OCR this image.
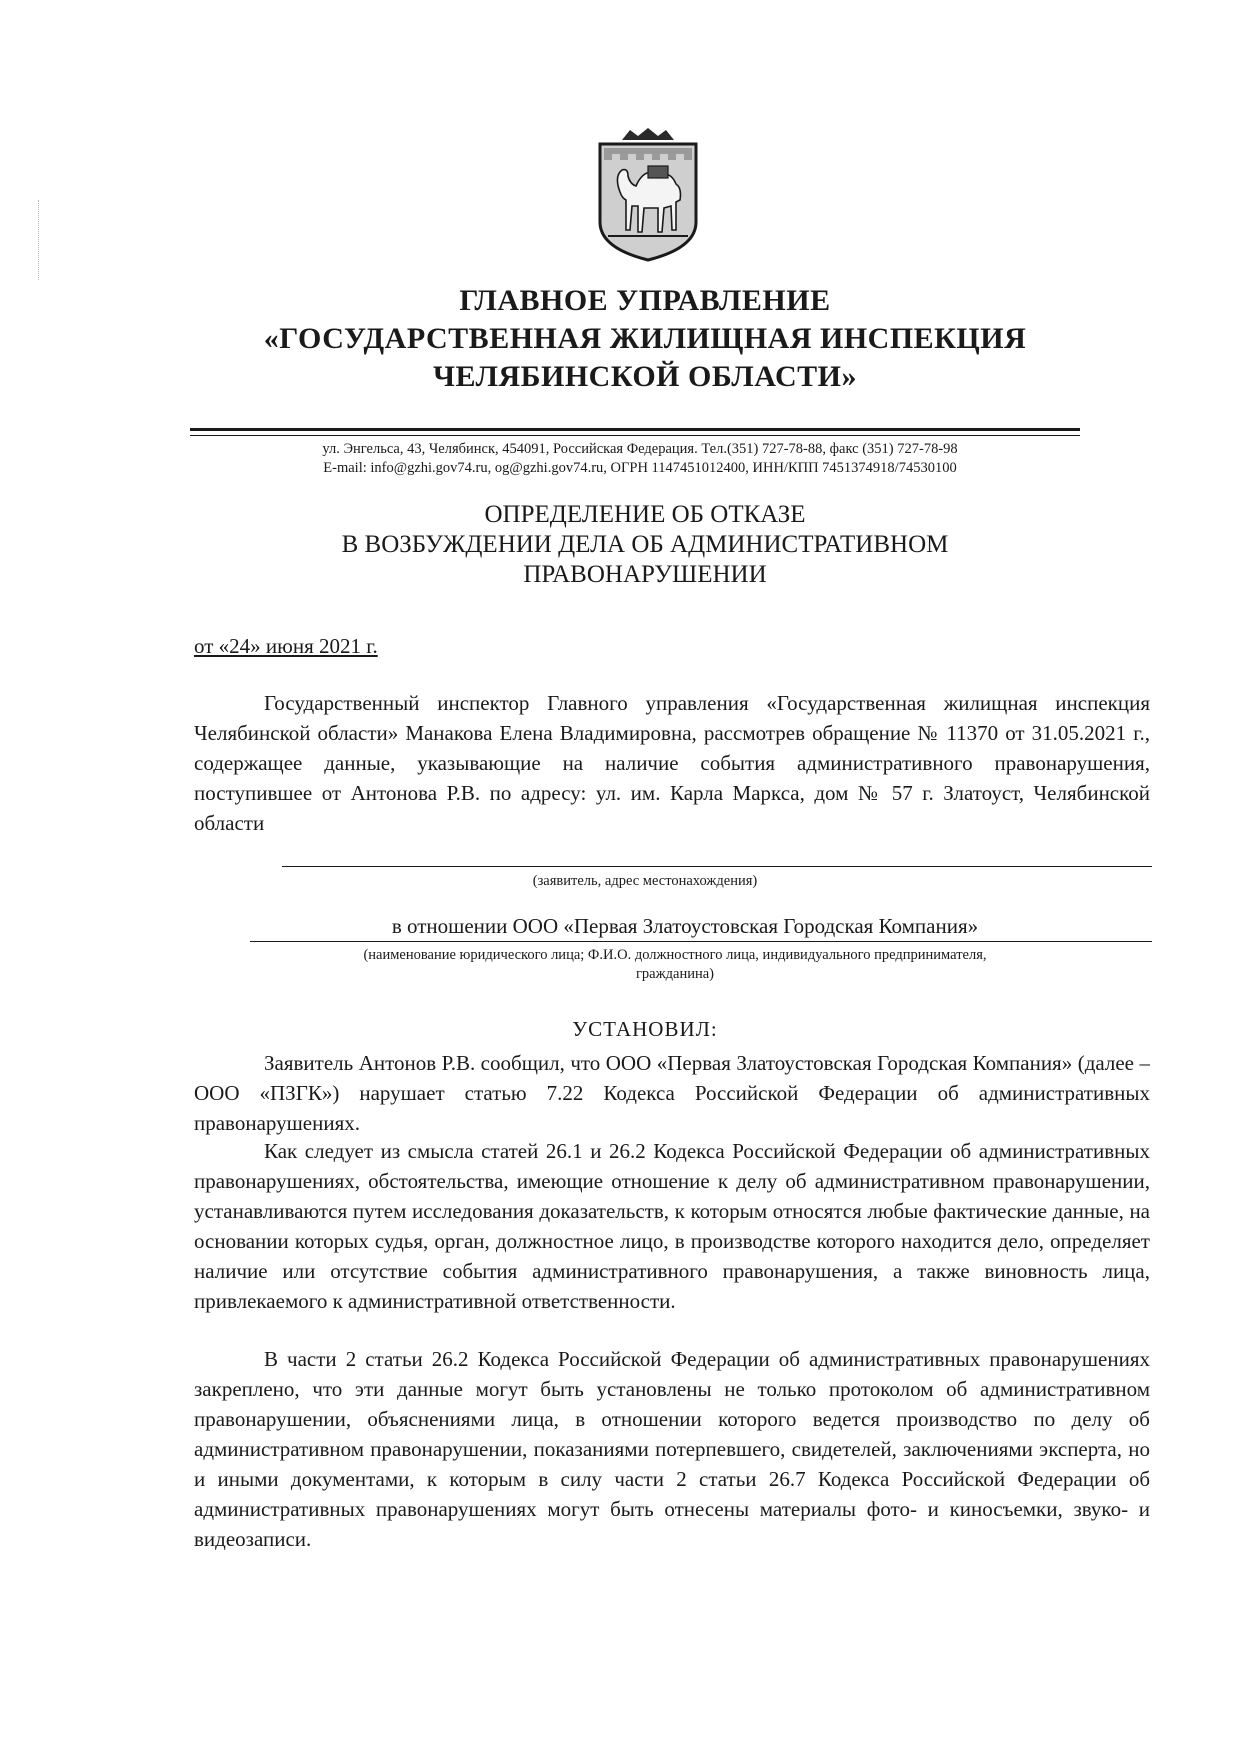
ГЛАВНОЕ УПРАВЛЕНИЕ
«ГОСУДАРСТВЕННАЯ ЖИЛИЩНАЯ ИНСПЕКЦИЯ
ЧЕЛЯБИНСКОЙ ОБЛАСТИ»
ул. Энгельса, 43, Челябинск, 454091, Российская Федерация. Тел.(351) 727-78-88, факс (351) 727-78-98
E-mail: info@gzhi.gov74.ru, og@gzhi.gov74.ru, ОГРН 1147451012400, ИНН/КПП 7451374918/74530100
ОПРЕДЕЛЕНИЕ ОБ ОТКАЗЕ
В ВОЗБУЖДЕНИИ ДЕЛА ОБ АДМИНИСТРАТИВНОМ
ПРАВОНАРУШЕНИИ
от «24» июня 2021 г.
Государственный инспектор Главного управления «Государственная жилищная инспекция Челябинской области» Манакова Елена Владимировна, рассмотрев обращение № 11370 от 31.05.2021 г., содержащее данные, указывающие на наличие события административного правонарушения, поступившее от Антонова Р.В. по адресу: ул. им. Карла Маркса, дом № 57 г. Златоуст, Челябинской области
(заявитель, адрес местонахождения)
в отношении ООО «Первая Златоустовская Городская Компания»
(наименование юридического лица; Ф.И.О. должностного лица, индивидуального предпринимателя,
гражданина)
УСТАНОВИЛ:
Заявитель Антонов Р.В. сообщил, что ООО «Первая Златоустовская Городская Компания» (далее – ООО «ПЗГК») нарушает статью 7.22 Кодекса Российской Федерации об административных правонарушениях.
Как следует из смысла статей 26.1 и 26.2 Кодекса Российской Федерации об административных правонарушениях, обстоятельства, имеющие отношение к делу об административном правонарушении, устанавливаются путем исследования доказательств, к которым относятся любые фактические данные, на основании которых судья, орган, должностное лицо, в производстве которого находится дело, определяет наличие или отсутствие события административного правонарушения, а также виновность лица, привлекаемого к административной ответственности.
В части 2 статьи 26.2 Кодекса Российской Федерации об административных правонарушениях закреплено, что эти данные могут быть установлены не только протоколом об административном правонарушении, объяснениями лица, в отношении которого ведется производство по делу об административном правонарушении, показаниями потерпевшего, свидетелей, заключениями эксперта, но и иными документами, к которым в силу части 2 статьи 26.7 Кодекса Российской Федерации об административных правонарушениях могут быть отнесены материалы фото- и киносъемки, звуко- и видеозаписи.
